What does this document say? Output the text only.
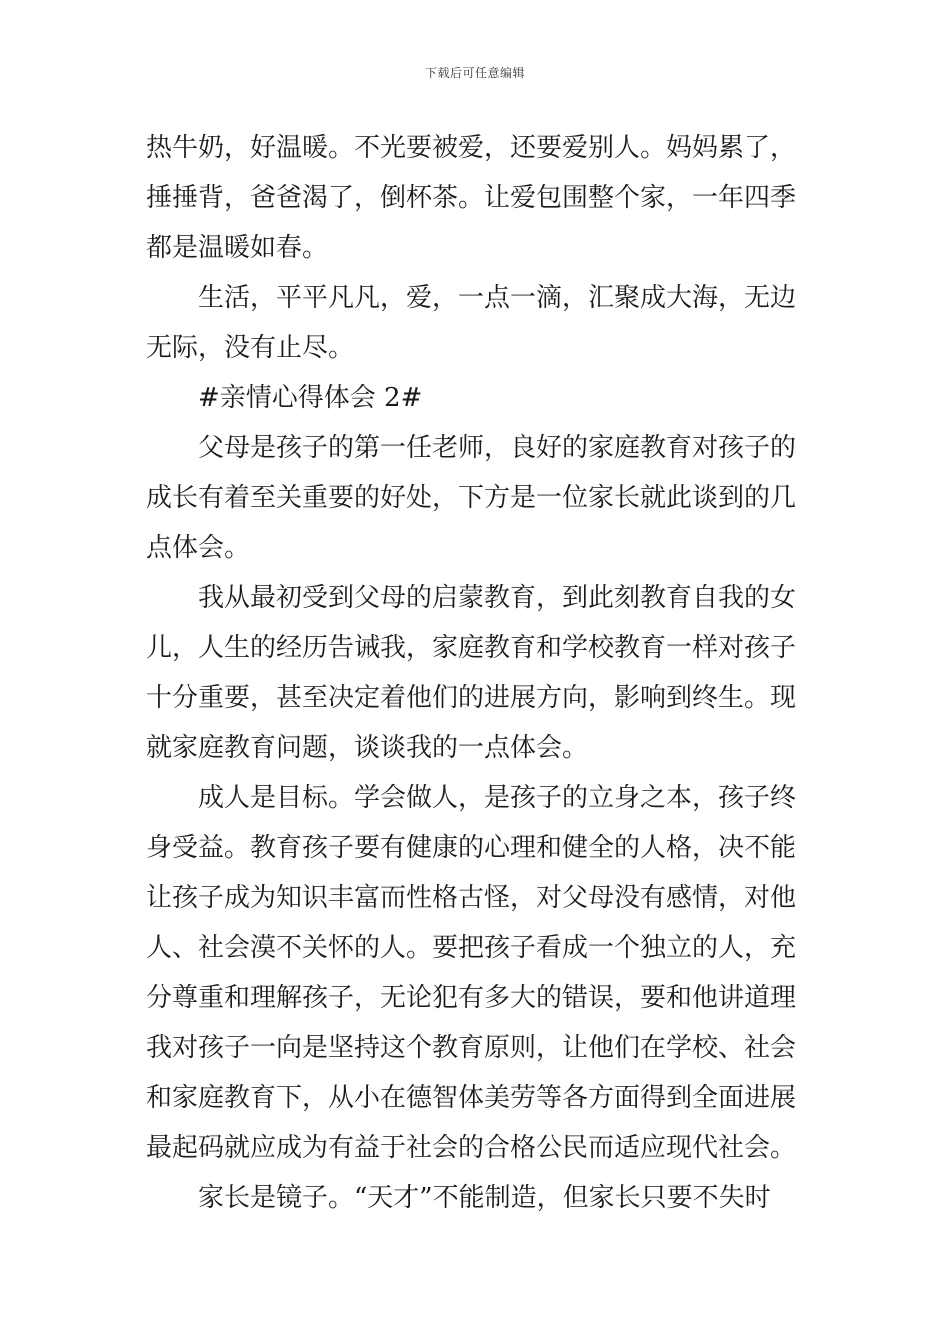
下载后可任意编辑
热牛奶，好温暖。不光要被爱，还要爱别人。妈妈累了，
捶捶背，爸爸渴了，倒杯茶。让爱包围整个家，一年四季
都是温暖如春。
生活，平平凡凡，爱，一点一滴，汇聚成大海，无边
无际，没有止尽。
#亲情心得体会 2#
父母是孩子的第一任老师，良好的家庭教育对孩子的
成长有着至关重要的好处，下方是一位家长就此谈到的几
点体会。
我从最初受到父母的启蒙教育，到此刻教育自我的女
儿，人生的经历告诫我，家庭教育和学校教育一样对孩子
十分重要，甚至决定着他们的进展方向，影响到终生。现
就家庭教育问题，谈谈我的一点体会。
成人是目标。学会做人，是孩子的立身之本，孩子终
身受益。教育孩子要有健康的心理和健全的人格，决不能
让孩子成为知识丰富而性格古怪，对父母没有感情，对他
人、社会漠不关怀的人。要把孩子看成一个独立的人，充
分尊重和理解孩子，无论犯有多大的错误，要和他讲道理
我对孩子一向是坚持这个教育原则，让他们在学校、社会
和家庭教育下，从小在德智体美劳等各方面得到全面进展
最起码就应成为有益于社会的合格公民而适应现代社会。
家长是镜子。“天才”不能制造，但家长只要不失时
